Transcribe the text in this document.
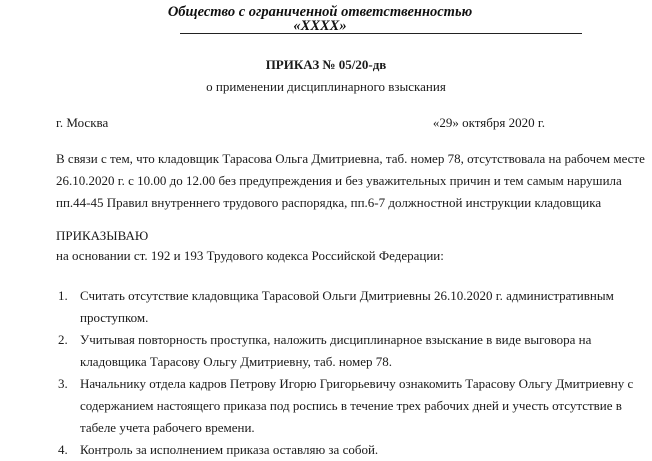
Общество с ограниченной ответственностью
«XXXX»
ПРИКАЗ № 05/20-дв
о применении дисциплинарного взыскания
г. Москва	«29» октября 2020 г.
В связи с тем, что кладовщик Тарасова Ольга Дмитриевна, таб. номер 78, отсутствовала на рабочем месте
26.10.2020 г. с 10.00 до 12.00 без предупреждения и без уважительных причин и тем самым нарушила
пп.44-45 Правил внутреннего трудового распорядка, пп.6-7 должностной инструкции кладовщика
ПРИКАЗЫВАЮ
на основании ст. 192 и 193 Трудового кодекса Российской Федерации:
1. Считать отсутствие кладовщика Тарасовой Ольги Дмитриевны 26.10.2020 г. административным
проступком.
2. Учитывая повторность проступка, наложить дисциплинарное взыскание в виде выговора на
кладовщика Тарасову Ольгу Дмитриевну, таб. номер 78.
3. Начальнику отдела кадров Петрову Игорю Григорьевичу ознакомить Тарасову Ольгу Дмитриевну с
содержанием настоящего приказа под роспись в течение трех рабочих дней и учесть отсутствие в
табеле учета рабочего времени.
4. Контроль за исполнением приказа оставляю за собой.
